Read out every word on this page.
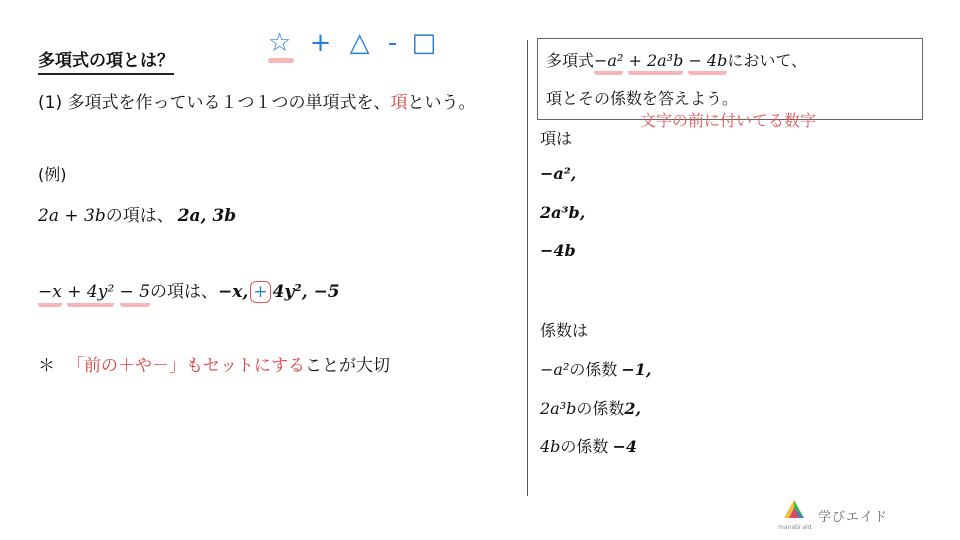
多項式の項とは？
☆ + △ - □
(1) 多項式を作っている１つ１つの単項式を、項という。
(例)
2a + 3bの項は、 2a, 3b
−x + 4y² − 5の項は、−x, + 4y², −5
＊ 「前の＋や－」もセットにすることが大切
多項式−a² + 2a³b − 4bにおいて、
項とその係数を答えよう。
文字の前に付いてる数字
項は
−a²,
2a³b,
−4b
係数は
−a²の係数 −1,
2a³bの係数2,
4bの係数 −4
manabi aid
学びエイド
